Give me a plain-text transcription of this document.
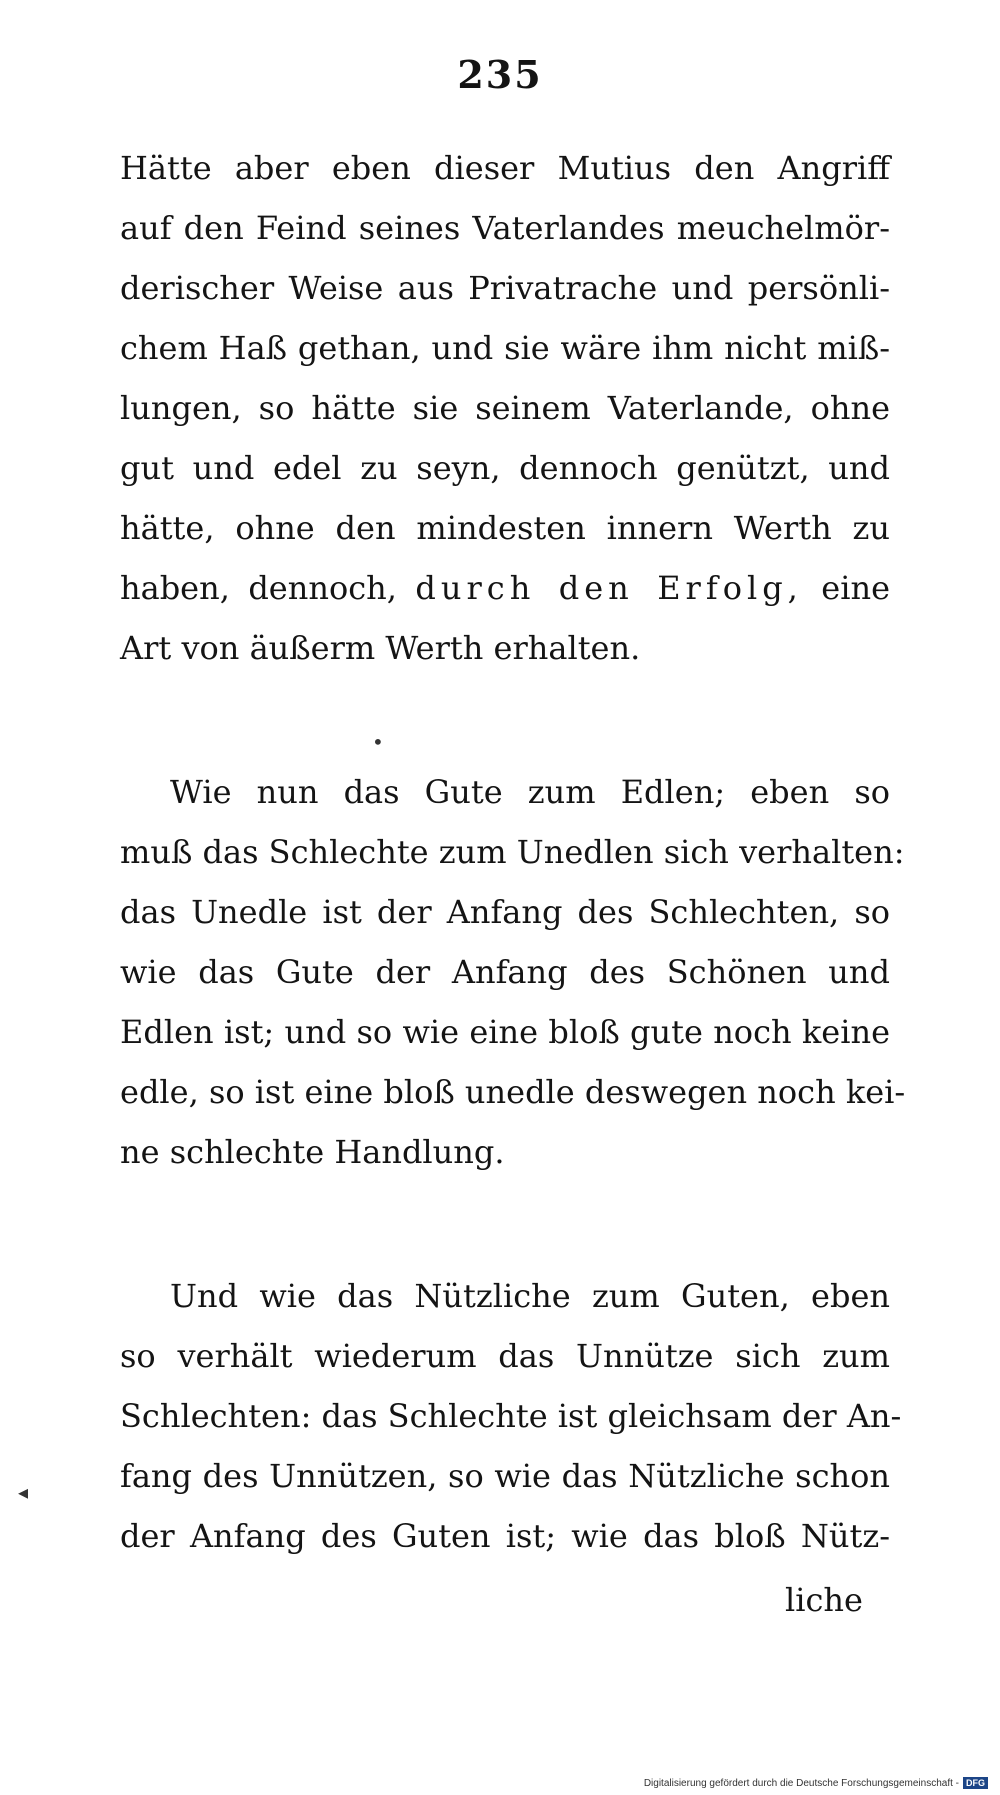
235
Hätte aber eben dieser Mutius den Angriff
auf den Feind seines Vaterlandes meuchelmör-
derischer Weise aus Privatrache und persönli-
chem Haß gethan, und sie wäre ihm nicht miß-
lungen, so hätte sie seinem Vaterlande, ohne
gut und edel zu seyn, dennoch genützt, und
hätte, ohne den mindesten innern Werth zu
haben, dennoch, durch den Erfolg, eine
Art von äußerm Werth erhalten.
Wie nun das Gute zum Edlen; eben so
muß das Schlechte zum Unedlen sich verhalten:
das Unedle ist der Anfang des Schlechten, so
wie das Gute der Anfang des Schönen und
Edlen ist; und so wie eine bloß gute noch keine
edle, so ist eine bloß unedle deswegen noch kei-
ne schlechte Handlung.
Und wie das Nützliche zum Guten, eben
so verhält wiederum das Unnütze sich zum
Schlechten: das Schlechte ist gleichsam der An-
fang des Unnützen, so wie das Nützliche schon
der Anfang des Guten ist; wie das bloß Nütz-
liche
•
◂
Digitalisierung gefördert durch die Deutsche Forschungsgemeinschaft - DFG
